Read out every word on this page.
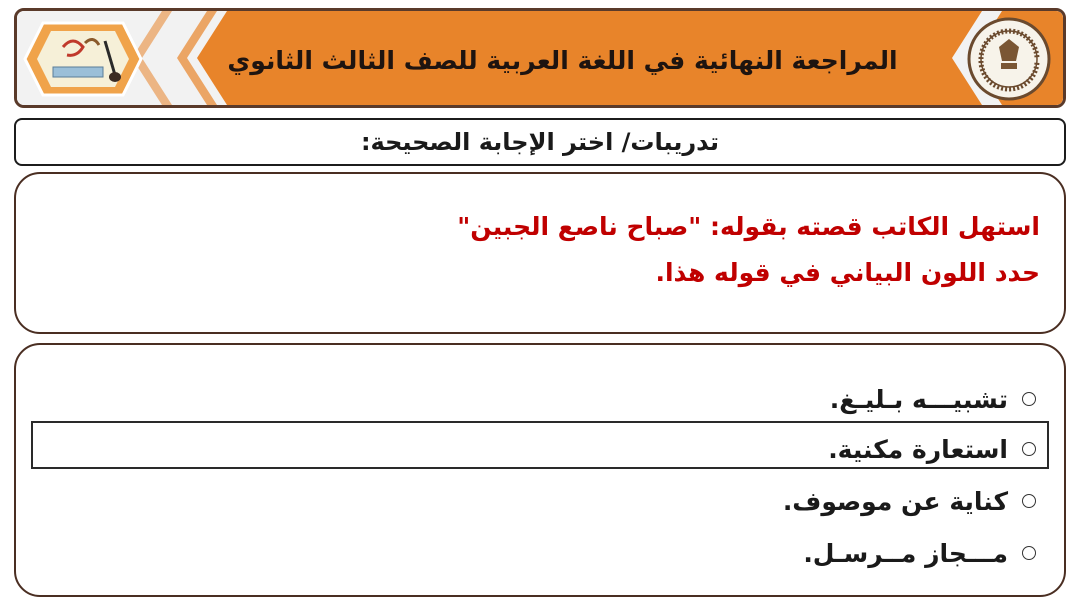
المراجعة النهائية في اللغة العربية للصف الثالث الثانوي
تدريبات/ اختر الإجابة الصحيحة:
استهل الكاتب قصته بقوله: "صباح ناصع الجبين"
حدد اللون البياني في قوله هذا.
تشبيـــه بـليـغ.
استعارة مكنية.
كناية عن موصوف.
مـــجاز مــرسـل.
